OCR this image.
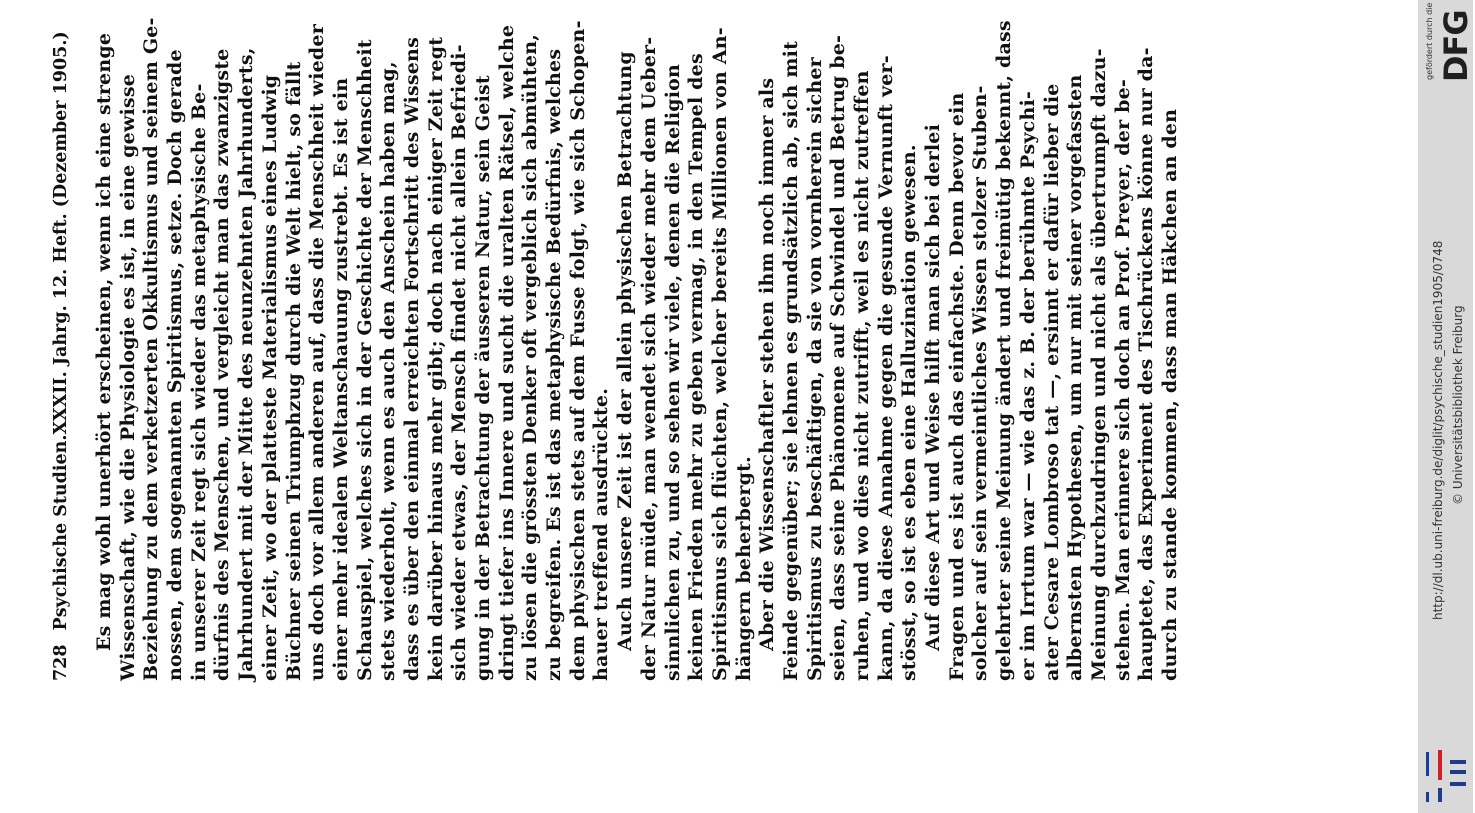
728
Psychische Studien.
XXXII. Jahrg. 12. Heft. (Dezember 1905.) Es mag wohl unerhört erscheinen, wenn ich eine strenge Wissenschaft, wie die Physiologie es ist, in eine gewisse Beziehung zu dem verketzerten Okkultismus und seinem Ge- nossen, dem sogenannten Spiritismus, setze. Doch gerade in unserer Zeit regt sich wieder das metaphysische Be- dürfnis des Menschen, und vergleicht man das zwanzigste Jahrhundert mit der Mitte des neunzehnten Jahrhunderts, einer Zeit, wo der platteste Materialismus eines Ludwig Büchner seinen Triumphzug durch die Welt hielt, so fällt uns doch vor allem anderen auf, dass die Menschheit wieder einer mehr idealen Weltanschauung zustrebt. Es ist ein Schauspiel, welches sich in der Geschichte der Menschheit stets wiederholt, wenn es auch den Anschein haben mag, dass es über den einmal erreichten Fortschritt des Wissens kein darüber hinaus mehr gibt; doch nach einiger Zeit regt sich wieder etwas, der Mensch findet nicht allein Befriedi- gung in der Betrachtung der äusseren Natur, sein Geist dringt tiefer ins Innere und sucht die uralten Rätsel, welche zu lösen die grössten Denker oft vergeblich sich abmühten, zu begreifen. Es ist das metaphysische Bedürfnis, welches dem physischen stets auf dem Fusse folgt, wie sich Schopen- hauer treffend ausdrückte. Auch unsere Zeit ist der allein physischen Betrachtung der Natur müde, man wendet sich wieder mehr dem Ueber- sinnlichen zu, und so sehen wir viele, denen die Religion keinen Frieden mehr zu geben vermag, in den Tempel des Spiritismus sich flüchten, welcher bereits Millionen von An- hängern beherbergt. Aber die Wissenschaftler stehen ihm noch immer als Feinde gegenüber; sie lehnen es grundsätzlich ab, sich mit Spiritismus zu beschäftigen, da sie von vornherein sicher seien, dass seine Phänomene auf Schwindel und Betrug be- ruhen, und wo dies nicht zutrifft, weil es nicht zutreffen kann, da diese Annahme gegen die gesunde Vernunft ver- stösst, so ist es eben eine Halluzination gewesen. Auf diese Art und Weise hilft man sich bei derlei Fragen und es ist auch das einfachste. Denn bevor ein solcher auf sein vermeintliches Wissen stolzer Stuben- gelehrter seine Meinung ändert und freimütig bekennt, dass er im Irrtum war — wie das z. B. der berühmte Psychi- ater Cesare Lombroso tat —, ersinnt er dafür lieber die albernsten Hypothesen, um nur mit seiner vorgefassten Meinung durchzudringen und nicht als übertrumpft dazu- stehen. Man erinnere sich doch an Prof. Preyer, der be- hauptete, das Experiment des Tischrückens könne nur da- durch zu stande kommen, dass man Häkchen an den
DFG
gefördert durch die
http://dl.ub.uni-freiburg.de/diglit/psychische_studien1905/0748 © Universitätsbibliothek Freiburg
